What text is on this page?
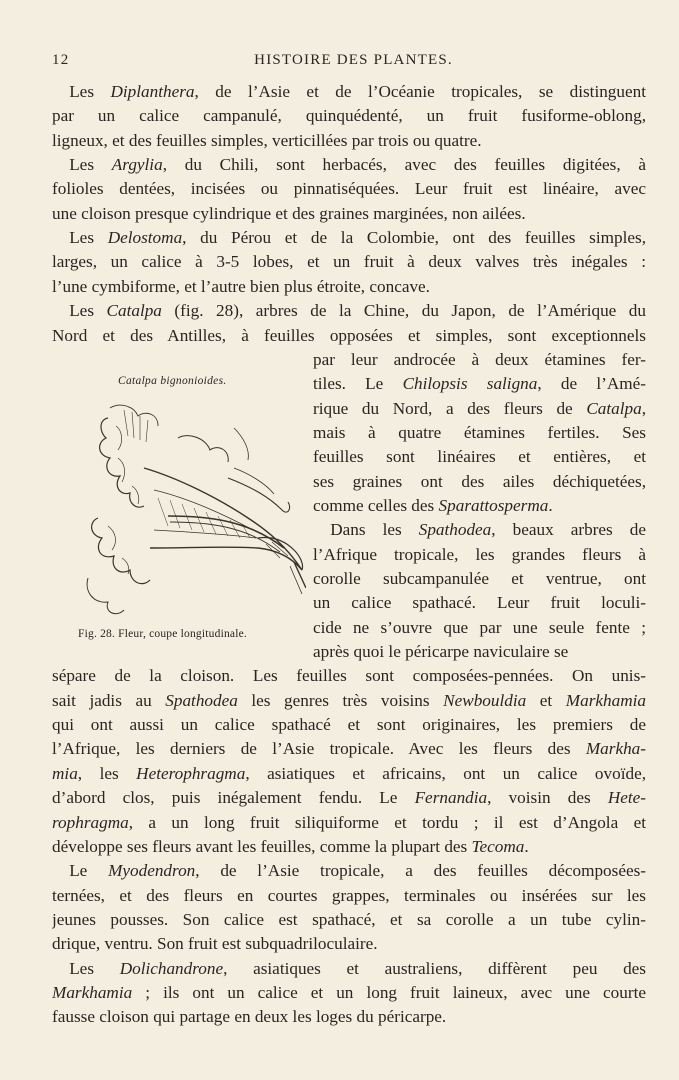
12	HISTOIRE DES PLANTES.
 Les Diplanthera, de l’Asie et de l’Océanie tropicales, se distinguent
par un calice campanulé, quinquédenté, un fruit fusiforme-oblong,
ligneux, et des feuilles simples, verticillées par trois ou quatre.
 Les Argylia, du Chili, sont herbacés, avec des feuilles digitées, à
folioles dentées, incisées ou pinnatiséquées. Leur fruit est linéaire, avec
une cloison presque cylindrique et des graines marginées, non ailées.
 Les Delostoma, du Pérou et de la Colombie, ont des feuilles simples,
larges, un calice à 3-5 lobes, et un fruit à deux valves très inégales :
l’une cymbiforme, et l’autre bien plus étroite, concave.
 Les Catalpa (fig. 28), arbres de la Chine, du Japon, de l’Amérique du
Nord et des Antilles, à feuilles opposées et simples, sont exceptionnels
par leur androcée à deux étamines fer-
tiles. Le Chilopsis saligna, de l’Amé-
rique du Nord, a des fleurs de Catalpa,
mais à quatre étamines fertiles. Ses
feuilles sont linéaires et entières, et
ses graines ont des ailes déchiquetées,
comme celles des Sparattosperma.
 Dans les Spathodea, beaux arbres de
l’Afrique tropicale, les grandes fleurs à
corolle subcampanulée et ventrue, ont
un calice spathacé. Leur fruit loculi-
cide ne s’ouvre que par une seule fente ;
après quoi le péricarpe naviculaire se
sépare de la cloison. Les feuilles sont composées-pennées. On unis-
sait jadis au Spathodea les genres très voisins Newbouldia et Markhamia
qui ont aussi un calice spathacé et sont originaires, les premiers de
l’Afrique, les derniers de l’Asie tropicale. Avec les fleurs des Markha-
mia, les Heterophragma, asiatiques et africains, ont un calice ovoïde,
d’abord clos, puis inégalement fendu. Le Fernandia, voisin des Hete-
rophragma, a un long fruit siliquiforme et tordu ; il est d’Angola et
développe ses fleurs avant les feuilles, comme la plupart des Tecoma.
 Le Myodendron, de l’Asie tropicale, a des feuilles décomposées-
ternées, et des fleurs en courtes grappes, terminales ou insérées sur les
jeunes pousses. Son calice est spathacé, et sa corolle a un tube cylin-
drique, ventru. Son fruit est subquadriloculaire.
 Les Dolichandrone, asiatiques et australiens, diffèrent peu des
Markhamia ; ils ont un calice et un long fruit laineux, avec une courte
fausse cloison qui partage en deux les loges du péricarpe.
Catalpa bignonioides.
Fig. 28. Fleur, coupe longitudinale.
